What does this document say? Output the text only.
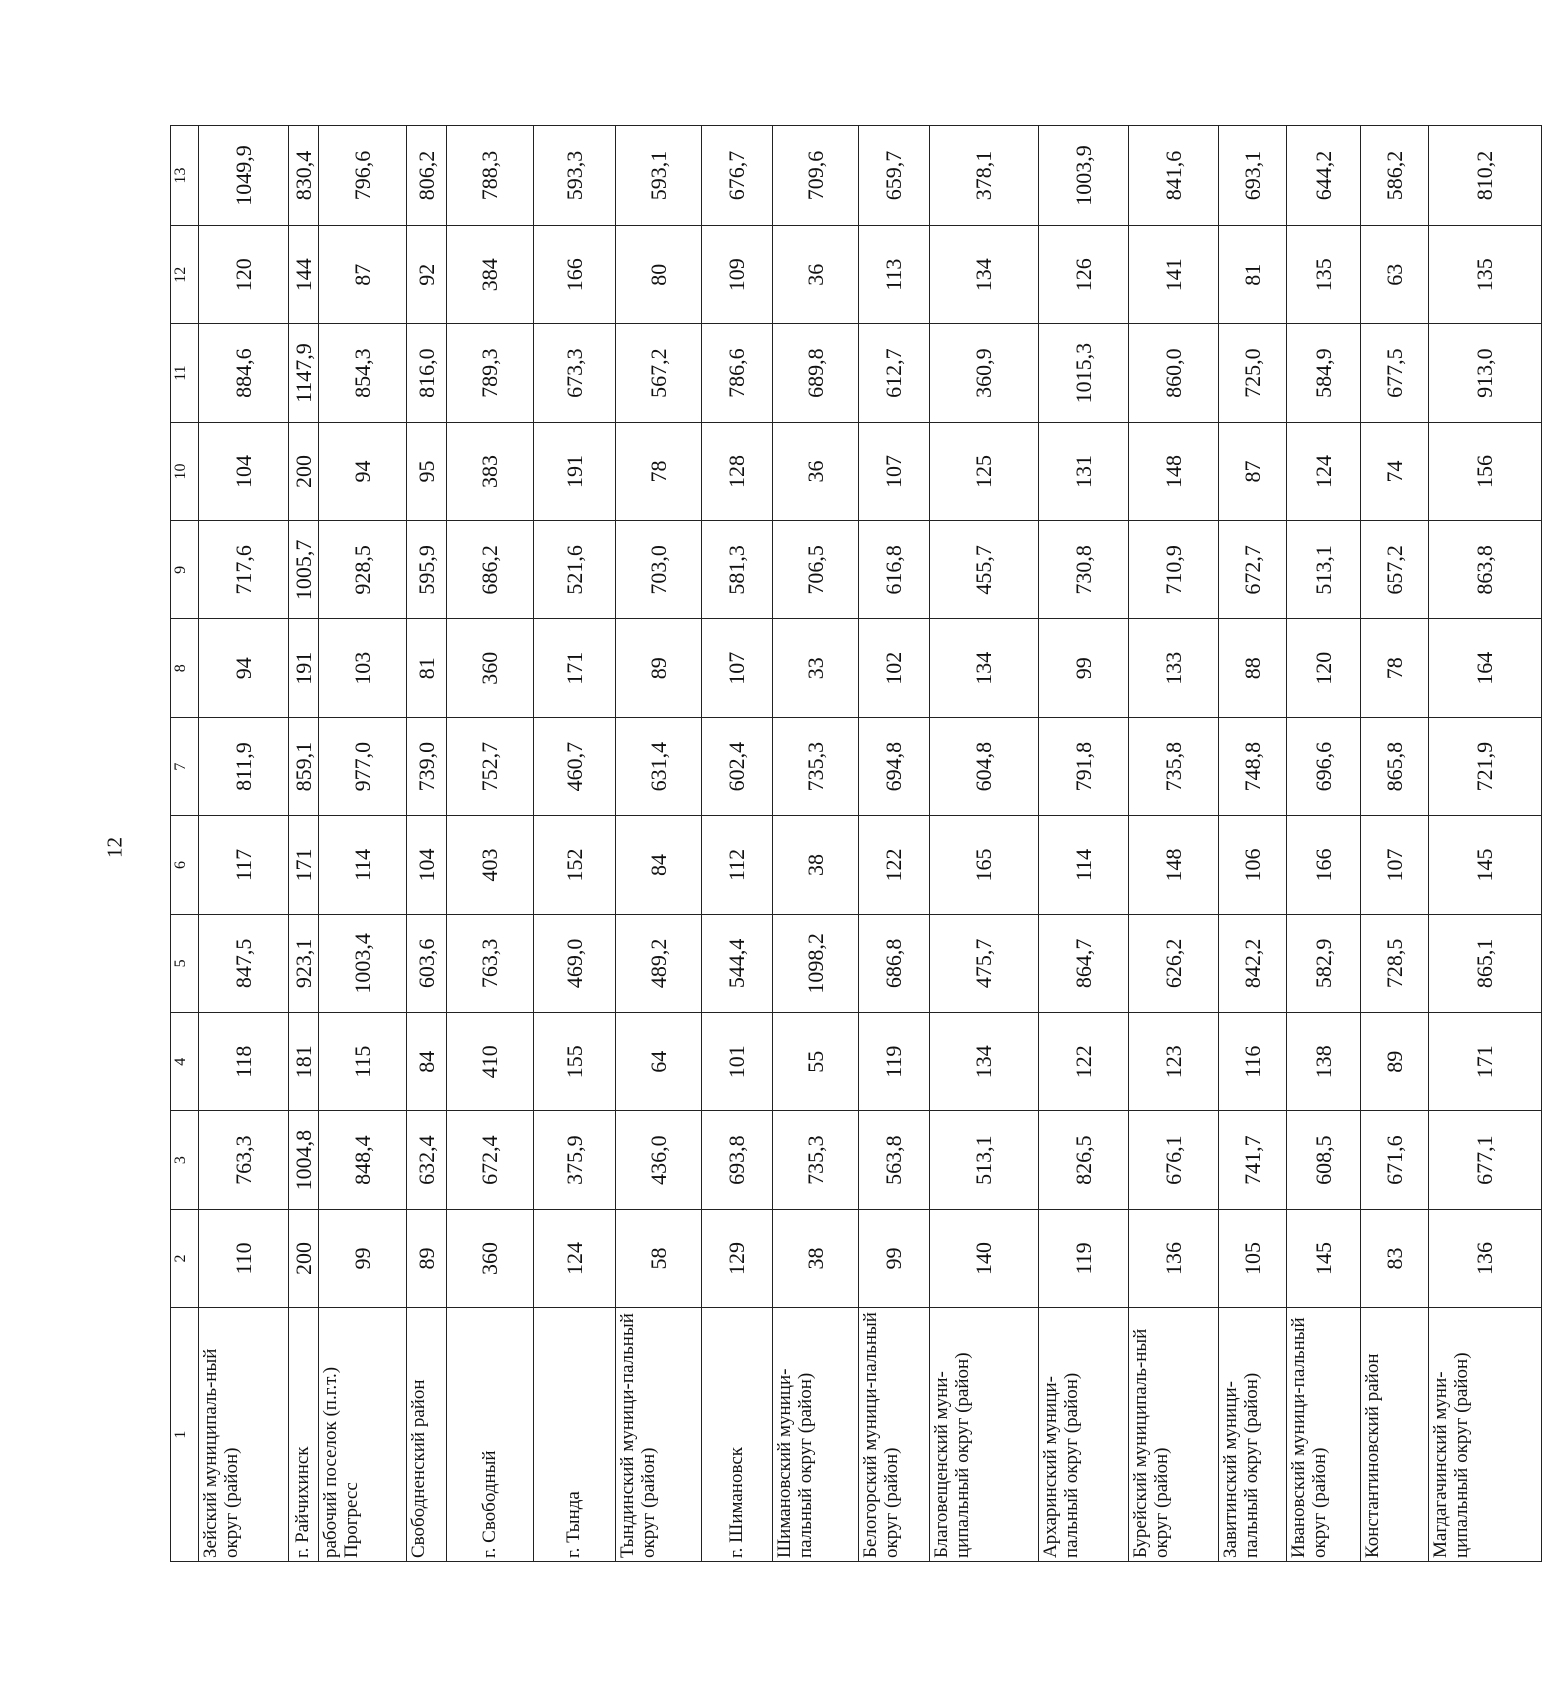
12
1	2	3	4	5	6	7	8	9	10	11	12	13
Зейский муниципаль-ный округ (район)	110	763,3	118	847,5	117	811,9	94	717,6	104	884,6	120	1049,9
г. Райчихинск	200	1004,8	181	923,1	171	859,1	191	1005,7	200	1147,9	144	830,4
рабочий поселок (п.г.т.) Прогресс	99	848,4	115	1003,4	114	977,0	103	928,5	94	854,3	87	796,6
Свободненский район	89	632,4	84	603,6	104	739,0	81	595,9	95	816,0	92	806,2
г. Свободный	360	672,4	410	763,3	403	752,7	360	686,2	383	789,3	384	788,3
г. Тында	124	375,9	155	469,0	152	460,7	171	521,6	191	673,3	166	593,3
Тындинский муници-пальный округ (район)	58	436,0	64	489,2	84	631,4	89	703,0	78	567,2	80	593,1
г. Шимановск	129	693,8	101	544,4	112	602,4	107	581,3	128	786,6	109	676,7
Шимановский муници-пальный округ (район)	38	735,3	55	1098,2	38	735,3	33	706,5	36	689,8	36	709,6
Белогорский муници-пальный округ (район)	99	563,8	119	686,8	122	694,8	102	616,8	107	612,7	113	659,7
Благовещенский муни-ципальный округ (район)	140	513,1	134	475,7	165	604,8	134	455,7	125	360,9	134	378,1
Архаринский муници-пальный округ (район)	119	826,5	122	864,7	114	791,8	99	730,8	131	1015,3	126	1003,9
Бурейский муниципаль-ный округ (район)	136	676,1	123	626,2	148	735,8	133	710,9	148	860,0	141	841,6
Завитинский муници-пальный округ (район)	105	741,7	116	842,2	106	748,8	88	672,7	87	725,0	81	693,1
Ивановский муници-пальный округ (район)	145	608,5	138	582,9	166	696,6	120	513,1	124	584,9	135	644,2
Константиновский район	83	671,6	89	728,5	107	865,8	78	657,2	74	677,5	63	586,2
Магдагачинский муни-ципальный округ (район)	136	677,1	171	865,1	145	721,9	164	863,8	156	913,0	135	810,2
